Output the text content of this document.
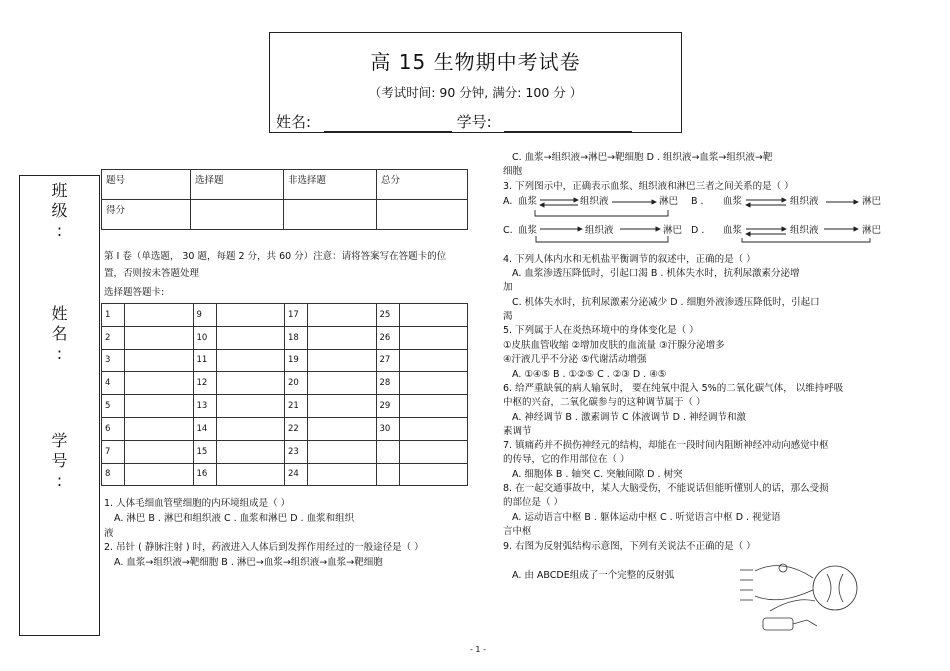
高 15 生物期中考试卷
（考试时间: 90 分钟, 满分: 100 分 ）
姓名:	学号:
班
级
:
姓
名
:
学
号
:
题号	选择题	非选择题	总分
得分			
第 I 卷（单选题， 30 题，每题 2 分，共 60 分）注意：请将答案写在答题卡的位
置，否则按未答题处理
选择题答题卡:
1		9		17		25	
2		10		18		26	
3		11		19		27	
4		12		20		28	
5		13		21		29	
6		14		22		30	
7		15		23			
8		16		24			
1. 人体毛细血管壁细胞的内环境组成是（ ）
A. 淋巴 B . 淋巴和组织液 C . 血浆和淋巴 D . 血浆和组织
液
2. 吊针 ( 静脉注射 ) 时，药液进入人体后到发挥作用经过的一般途径是（ ）
A. 血浆→组织液→靶细胞 B . 淋巴→血浆→组织液→血浆→靶细胞
C. 血浆→组织液→淋巴→靶细胞 D . 组织液→血浆→组织液→靶
细胞
3. 下列图示中，正确表示血浆、组织液和淋巴三者之间关系的是（ ）
A. 血浆	组织液	淋巴 B . 血浆	组织液	淋巴
C. 血浆	组织液	淋巴 D . 血浆	组织液	淋巴
4. 下列人体内水和无机盐平衡调节的叙述中，正确的是（ ）
A. 血浆渗透压降低时，引起口渴 B . 机体失水时，抗利尿激素分泌增
加
C. 机体失水时，抗利尿激素分泌减少 D . 细胞外液渗透压降低时，引起口
渴
5. 下列属于人在炎热环境中的身体变化是（ ）
①皮肤血管收缩 ②增加皮肤的血流量 ③汗腺分泌增多
④汗液几乎不分泌 ⑤代谢活动增强
A. ①④⑤ B . ①②⑤ C . ②③ D . ④⑤
6. 给严重缺氧的病人输氧时， 要在纯氧中混入 5%的二氧化碳气体， 以维持呼吸
中枢的兴奋，二氧化碳参与的这种调节属于（ ）
A. 神经调节 B . 激素调节 C 体液调节 D . 神经调节和激
素调节
7. 镇痛药并不损伤神经元的结构，却能在一段时间内阻断神经冲动向感觉中枢
的传导，它的作用部位在（ ）
A. 细胞体 B . 轴突 C. 突触间隙 D . 树突
8. 在一起交通事故中，某人大脑受伤，不能说话但能听懂别人的话，那么受损
的部位是（ ）
A. 运动语言中枢 B . 躯体运动中枢 C . 听觉语言中枢 D . 视觉语
言中枢
9. 右图为反射弧结构示意图，下列有关说法不正确的是（ ）
A. 由 ABCDE组成了一个完整的反射弧
- 1 -
